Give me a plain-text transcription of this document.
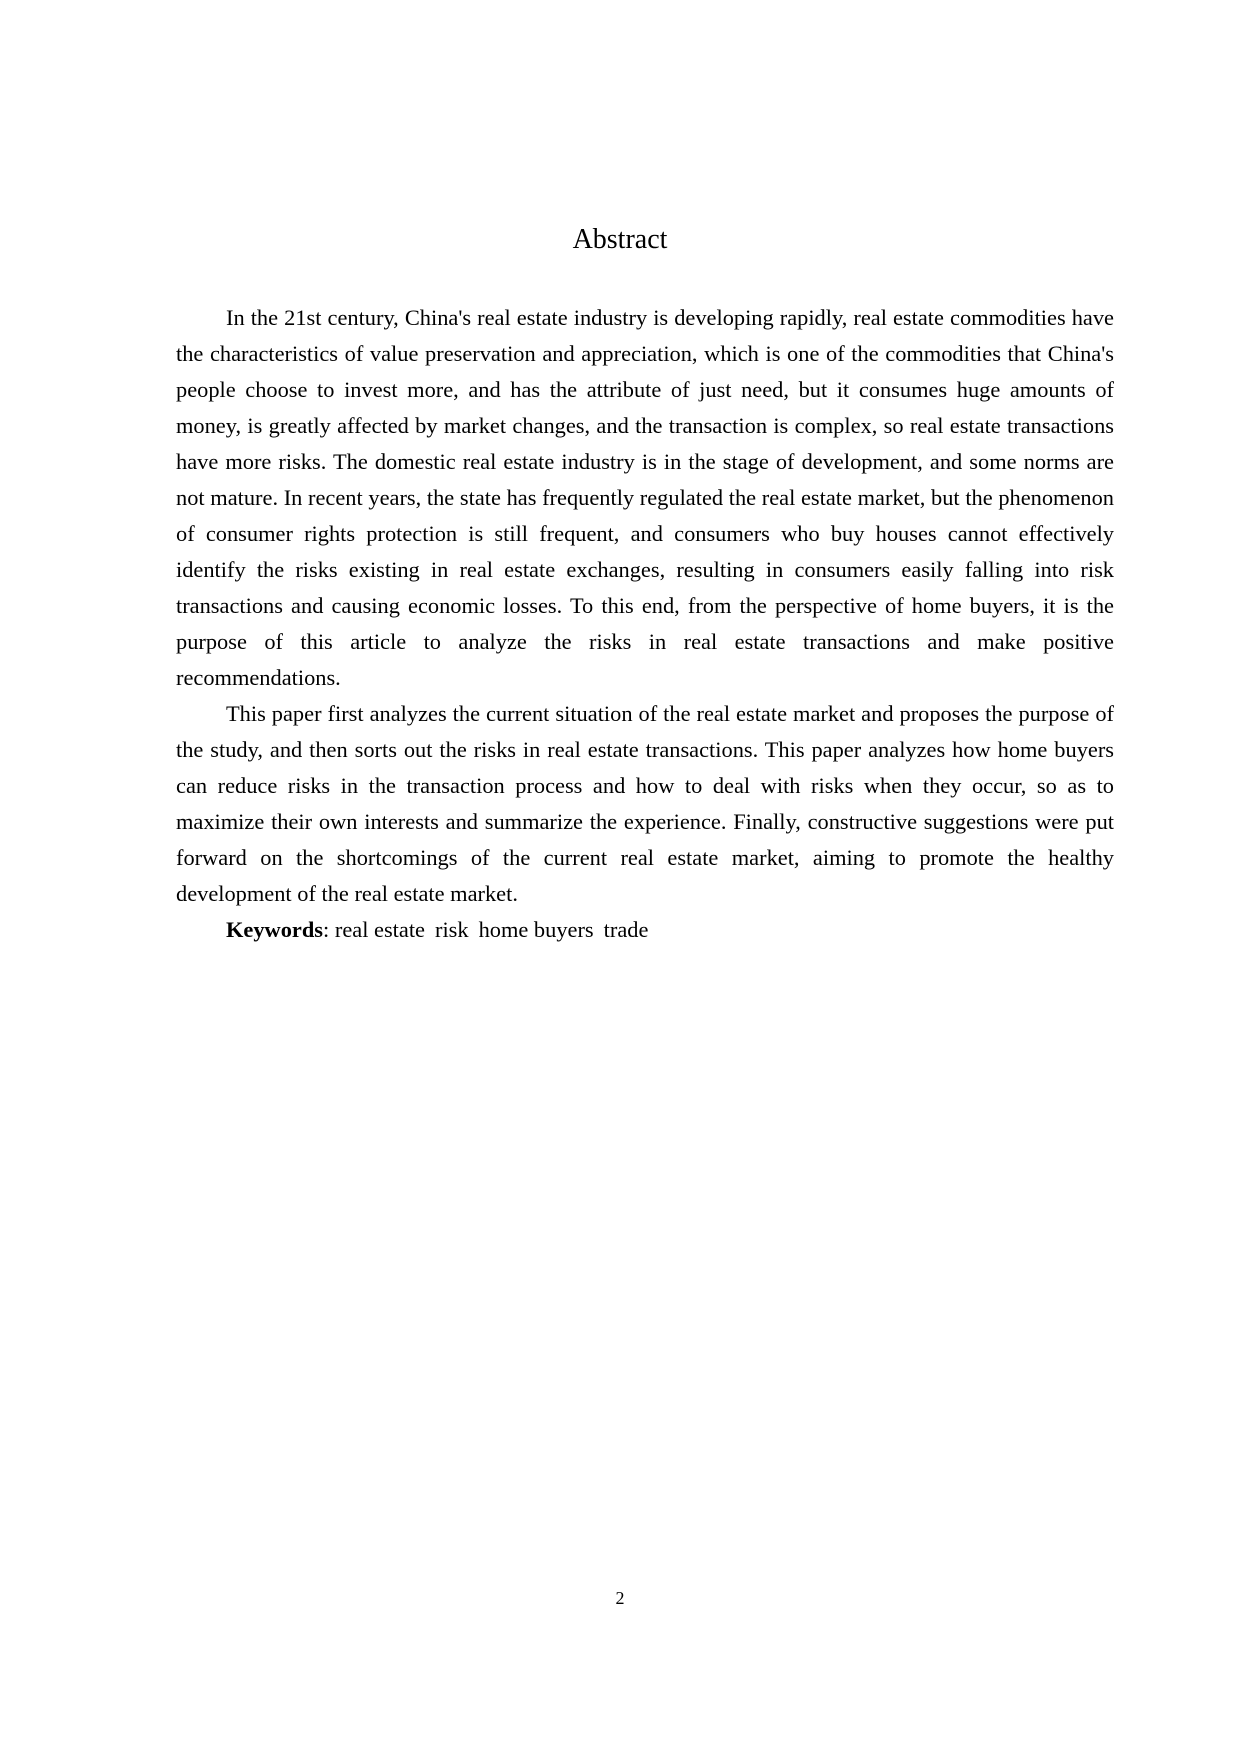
Abstract

In the 21st century, China's real estate industry is developing rapidly, real estate commodities have the characteristics of value preservation and appreciation, which is one of the commodities that China's people choose to invest more, and has the attribute of just need, but it consumes huge amounts of money, is greatly affected by market changes, and the transaction is complex, so real estate transactions have more risks. The domestic real estate industry is in the stage of development, and some norms are not mature. In recent years, the state has frequently regulated the real estate market, but the phenomenon of consumer rights protection is still frequent, and consumers who buy houses cannot effectively identify the risks existing in real estate exchanges, resulting in consumers easily falling into risk transactions and causing economic losses. To this end, from the perspective of home buyers, it is the purpose of this article to analyze the risks in real estate transactions and make positive recommendations.

This paper first analyzes the current situation of the real estate market and proposes the purpose of the study, and then sorts out the risks in real estate transactions. This paper analyzes how home buyers can reduce risks in the transaction process and how to deal with risks when they occur, so as to maximize their own interests and summarize the experience. Finally, constructive suggestions were put forward on the shortcomings of the current real estate market, aiming to promote the healthy development of the real estate market.

Keywords: real estate risk home buyers trade

2
